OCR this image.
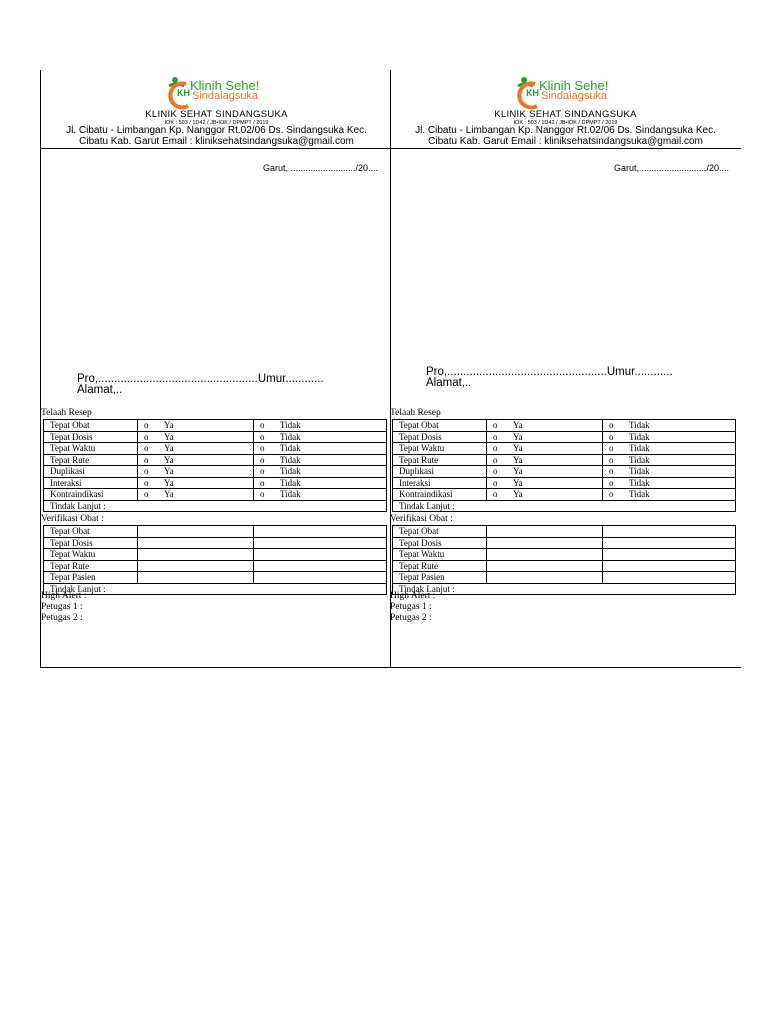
KH Klinih Sehe!
Sindaiagsuka
KLINIK SEHAT SINDANGSUKA
IOK : 503 / 1D42 / JB•IOK / DPMPT / 2019
Jl. Cibatu - Limbangan Kp. Nanggor Rt.02/06 Ds. Sindangsuka Kec.
Cibatu Kab. Garut Email : kliniksehatsindangsuka@gmail.com
Garut, ........................../20....
Pro,..................................................Umur............
Alamat,..
Telaah Resep
Tepat Obat	o Ya	o Tidak
Tepat Dosis	o Ya	o Tidak
Tepat Waktu	o Ya	o Tidak
Tepat Rute	o Ya	o Tidak
Duplikasi	o Ya	o Tidak
Interaksi	o Ya	o Tidak
Kontraindikasi	o Ya	o Tidak
Tindak Lanjut :		
Verifikasi Obat :
Tepat Obat		
Tepat Dosis		
Tepat Waktu		
Tepat Rute		
Tepat Pasien		
Tindak Lanjut :		
High Alert :
Petugas 1 :
Petugas 2 :
KH Klinih Sehe!
Sindaiagsuka
KLINIK SEHAT SINDANGSUKA
IOK : 503 / 1D42 / JB•IOK / DPMPT / 2019
Jl. Cibatu - Limbangan Kp. Nanggor Rt.02/06 Ds. Sindangsuka Kec.
Cibatu Kab. Garut Email : kliniksehatsindangsuka@gmail.com
Garut, ........................../20....
Pro,..................................................Umur............
Alamat,..
Telaah Resep
Tepat Obat	o Ya	o Tidak
Tepat Dosis	o Ya	o Tidak
Tepat Waktu	o Ya	o Tidak
Tepat Rute	o Ya	o Tidak
Duplikasi	o Ya	o Tidak
Interaksi	o Ya	o Tidak
Kontraindikasi	o Ya	o Tidak
Tindak Lanjut :		
Verifikasi Obat :
Tepat Obat		
Tepat Dosis		
Tepat Waktu		
Tepat Rute		
Tepat Pasien		
Tindak Lanjut :		
High Alert :
Petugas 1 :
Petugas 2 :
